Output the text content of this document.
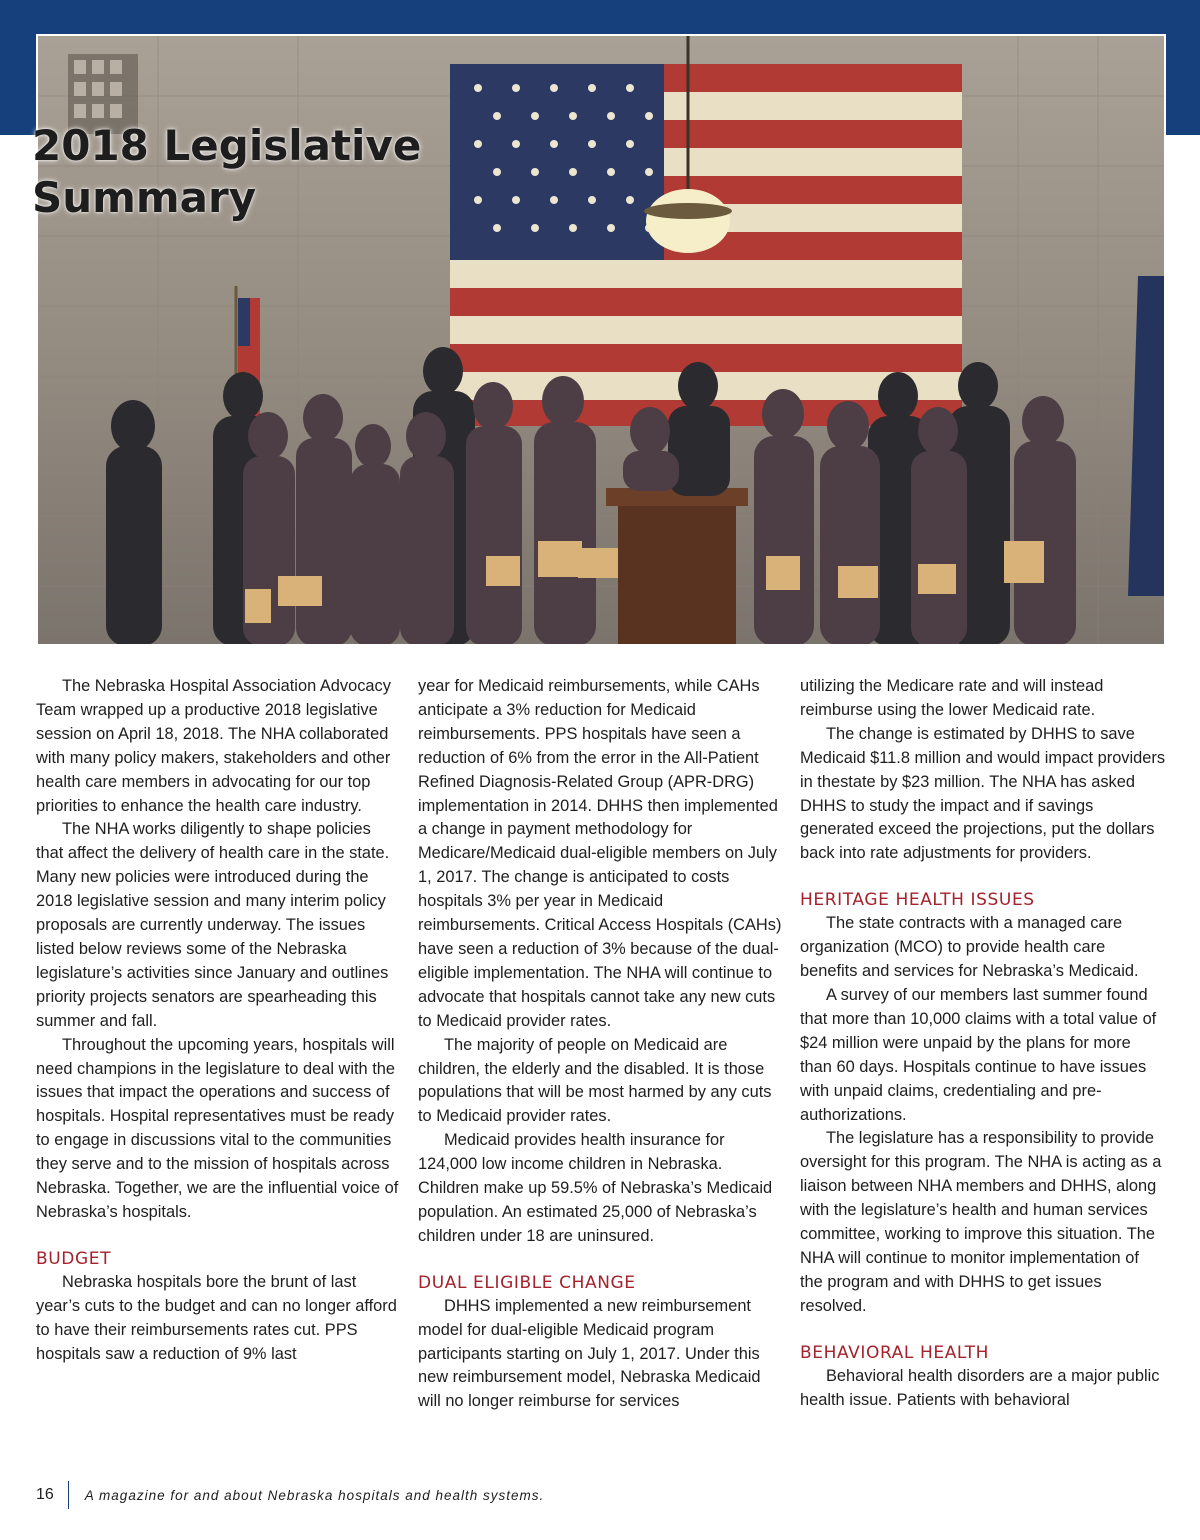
2018 Legislative Summary

The Nebraska Hospital Association Advocacy Team wrapped up a productive 2018 legislative session on April 18, 2018. The NHA collaborated with many policy makers, stakeholders and other health care members in advocating for our top priorities to enhance the health care industry.

The NHA works diligently to shape policies that affect the delivery of health care in the state. Many new policies were introduced during the 2018 legislative session and many interim policy proposals are currently underway. The issues listed below reviews some of the Nebraska legislature’s activities since January and outlines priority projects senators are spearheading this summer and fall.

Throughout the upcoming years, hospitals will need champions in the legislature to deal with the issues that impact the operations and success of hospitals. Hospital representatives must be ready to engage in discussions vital to the communities they serve and to the mission of hospitals across Nebraska. Together, we are the influential voice of Nebraska’s hospitals.

BUDGET

Nebraska hospitals bore the brunt of last year’s cuts to the budget and can no longer afford to have their reimbursements rates cut. PPS hospitals saw a reduction of 9% last

year for Medicaid reimbursements, while CAHs anticipate a 3% reduction for Medicaid reimbursements. PPS hospitals have seen a reduction of 6% from the error in the All-Patient Refined Diagnosis-Related Group (APR-DRG) implementation in 2014. DHHS then implemented a change in payment methodology for Medicare/Medicaid dual-eligible members on July 1, 2017. The change is anticipated to costs hospitals 3% per year in Medicaid reimbursements. Critical Access Hospitals (CAHs) have seen a reduction of 3% because of the dual-eligible implementation. The NHA will continue to advocate that hospitals cannot take any new cuts to Medicaid provider rates.

The majority of people on Medicaid are children, the elderly and the disabled. It is those populations that will be most harmed by any cuts to Medicaid provider rates.

Medicaid provides health insurance for 124,000 low income children in Nebraska. Children make up 59.5% of Nebraska’s Medicaid population. An estimated 25,000 of Nebraska’s children under 18 are uninsured.

DUAL ELIGIBLE CHANGE

DHHS implemented a new reimbursement model for dual-eligible Medicaid program participants starting on July 1, 2017. Under this new reimbursement model, Nebraska Medicaid will no longer reimburse for services

utilizing the Medicare rate and will instead reimburse using the lower Medicaid rate.

The change is estimated by DHHS to save Medicaid $11.8 million and would impact providers in thestate by $23 million. The NHA has asked DHHS to study the impact and if savings generated exceed the projections, put the dollars back into rate adjustments for providers.

HERITAGE HEALTH ISSUES

The state contracts with a managed care organization (MCO) to provide health care benefits and services for Nebraska’s Medicaid.

A survey of our members last summer found that more than 10,000 claims with a total value of $24 million were unpaid by the plans for more than 60 days. Hospitals continue to have issues with unpaid claims, credentialing and pre-authorizations.

The legislature has a responsibility to provide oversight for this program. The NHA is acting as a liaison between NHA members and DHHS, along with the legislature’s health and human services committee, working to improve this situation. The NHA will continue to monitor implementation of the program and with DHHS to get issues resolved.

BEHAVIORAL HEALTH

Behavioral health disorders are a major public health issue. Patients with behavioral

16	A magazine for and about Nebraska hospitals and health systems.
